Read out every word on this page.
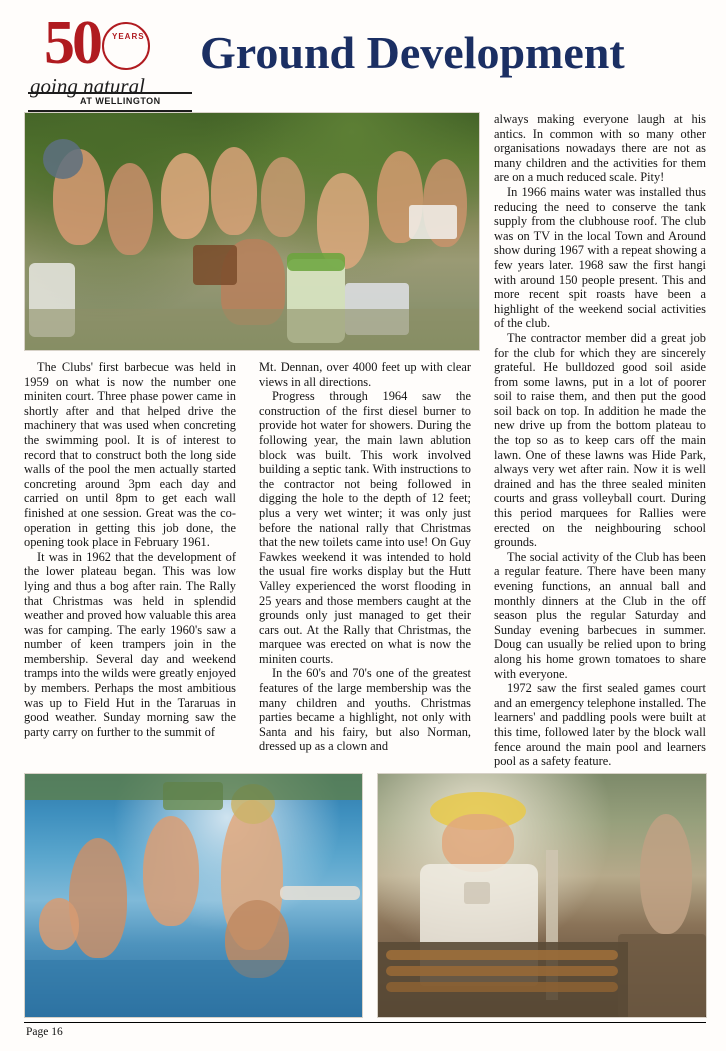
50 YEARS
going natural
AT WELLINGTON
Ground Development

always making everyone laugh at his antics. In common with so many other organisations nowadays there are not as many children and the activities for them are on a much reduced scale. Pity!

In 1966 mains water was installed thus reducing the need to conserve the tank supply from the clubhouse roof. The club was on TV in the local Town and Around show during 1967 with a repeat showing a few years later. 1968 saw the first hangi with around 150 people present. This and more recent spit roasts have been a highlight of the weekend social activities of the club.

The contractor member did a great job for the club for which they are sincerely grateful. He bulldozed good soil aside from some lawns, put in a lot of poorer soil to raise them, and then put the good soil back on top. In addition he made the new drive up from the bottom plateau to the top so as to keep cars off the main lawn. One of these lawns was Hide Park, always very wet after rain. Now it is well drained and has the three sealed miniten courts and grass volleyball court. During this period marquees for Rallies were erected on the neighbouring school grounds.

The social activity of the Club has been a regular feature. There have been many evening functions, an annual ball and monthly dinners at the Club in the off season plus the regular Saturday and Sunday evening barbecues in summer. Doug can usually be relied upon to bring along his home grown tomatoes to share with everyone.

1972 saw the first sealed games court and an emergency telephone installed. The learners' and paddling pools were built at this time, followed later by the block wall fence around the main pool and learners pool as a safety feature.

The Clubs' first barbecue was held in 1959 on what is now the number one miniten court. Three phase power came in shortly after and that helped drive the machinery that was used when concreting the swimming pool. It is of interest to record that to construct both the long side walls of the pool the men actually started concreting around 3pm each day and carried on until 8pm to get each wall finished at one session. Great was the co-operation in getting this job done, the opening took place in February 1961.

It was in 1962 that the development of the lower plateau began. This was low lying and thus a bog after rain. The Rally that Christmas was held in splendid weather and proved how valuable this area was for camping. The early 1960's saw a number of keen trampers join in the membership. Several day and weekend tramps into the wilds were greatly enjoyed by members. Perhaps the most ambitious was up to Field Hut in the Tararuas in good weather. Sunday morning saw the party carry on further to the summit of

Mt. Dennan, over 4000 feet up with clear views in all directions.

Progress through 1964 saw the construction of the first diesel burner to provide hot water for showers. During the following year, the main lawn ablution block was built. This work involved building a septic tank. With instructions to the contractor not being followed in digging the hole to the depth of 12 feet; plus a very wet winter; it was only just before the national rally that Christmas that the new toilets came into use! On Guy Fawkes weekend it was intended to hold the usual fire works display but the Hutt Valley experienced the worst flooding in 25 years and those members caught at the grounds only just managed to get their cars out. At the Rally that Christmas, the marquee was erected on what is now the miniten courts.

In the 60's and 70's one of the greatest features of the large membership was the many children and youths. Christmas parties became a highlight, not only with Santa and his fairy, but also Norman, dressed up as a clown and

Page 16
